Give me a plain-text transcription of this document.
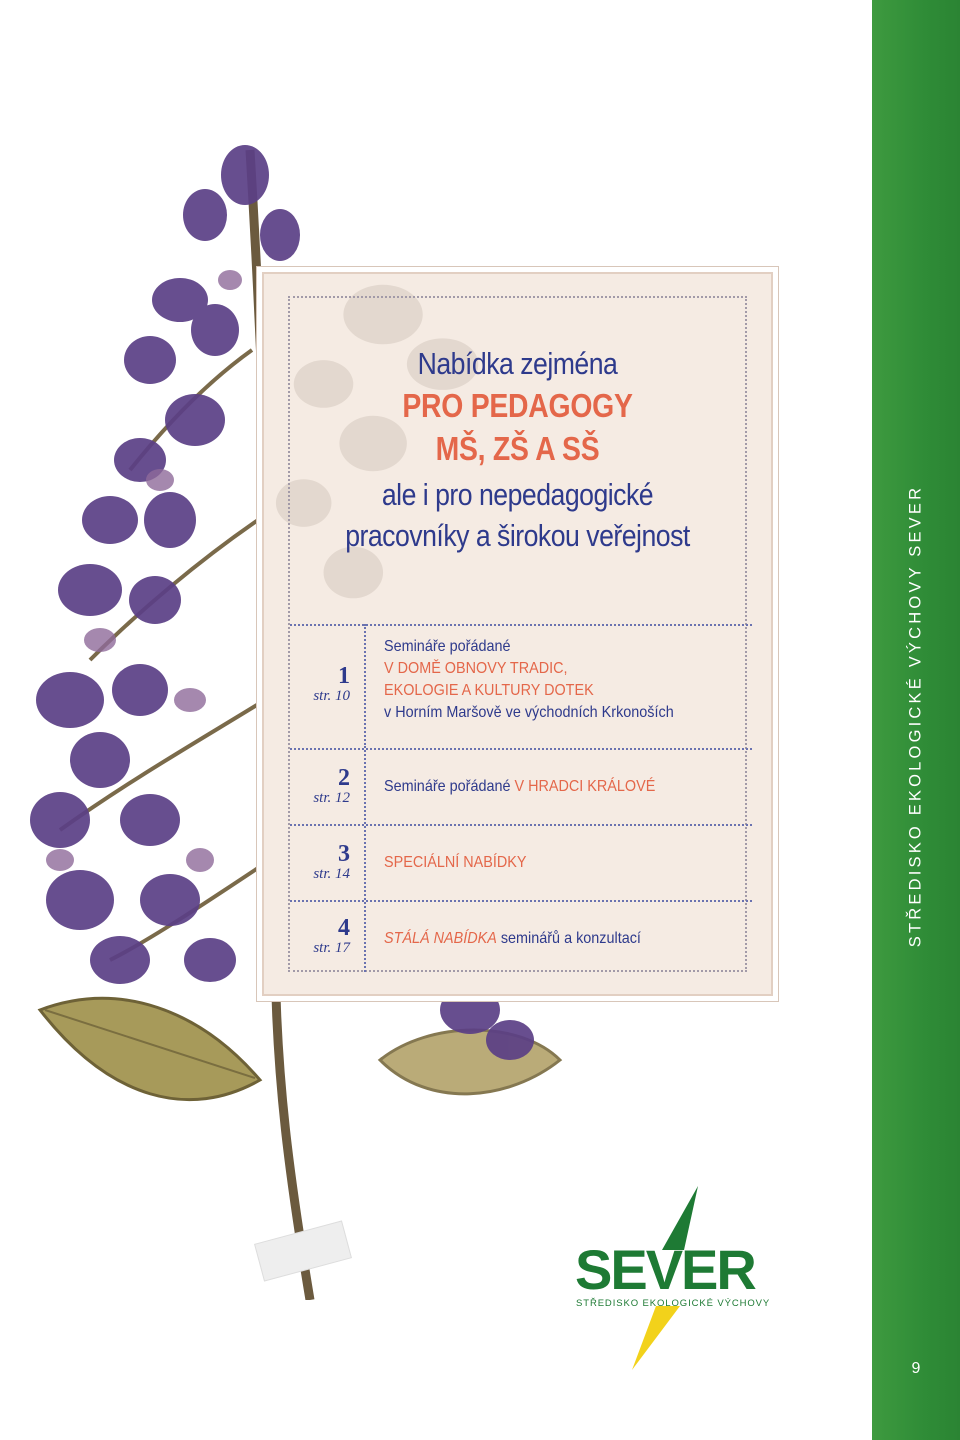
Nabídka zejména
PRO PEDAGOGY
MŠ, ZŠ A SŠ
ale i pro nepedagogické
pracovníky a širokou veřejnost
1
str. 10
Semináře pořádané
V DOMĚ OBNOVY TRADIC,
EKOLOGIE A KULTURY DOTEK
v Horním Maršově ve východních Krkonoších
2
str. 12
Semináře pořádané V HRADCI KRÁLOVÉ
3
str. 14
SPECIÁLNÍ NABÍDKY
4
str. 17
STÁLÁ NABÍDKA seminářů a konzultací
SEVER
STŘEDISKO EKOLOGICKÉ VÝCHOVY
STŘEDISKO EKOLOGICKÉ VÝCHOVY SEVER
9
